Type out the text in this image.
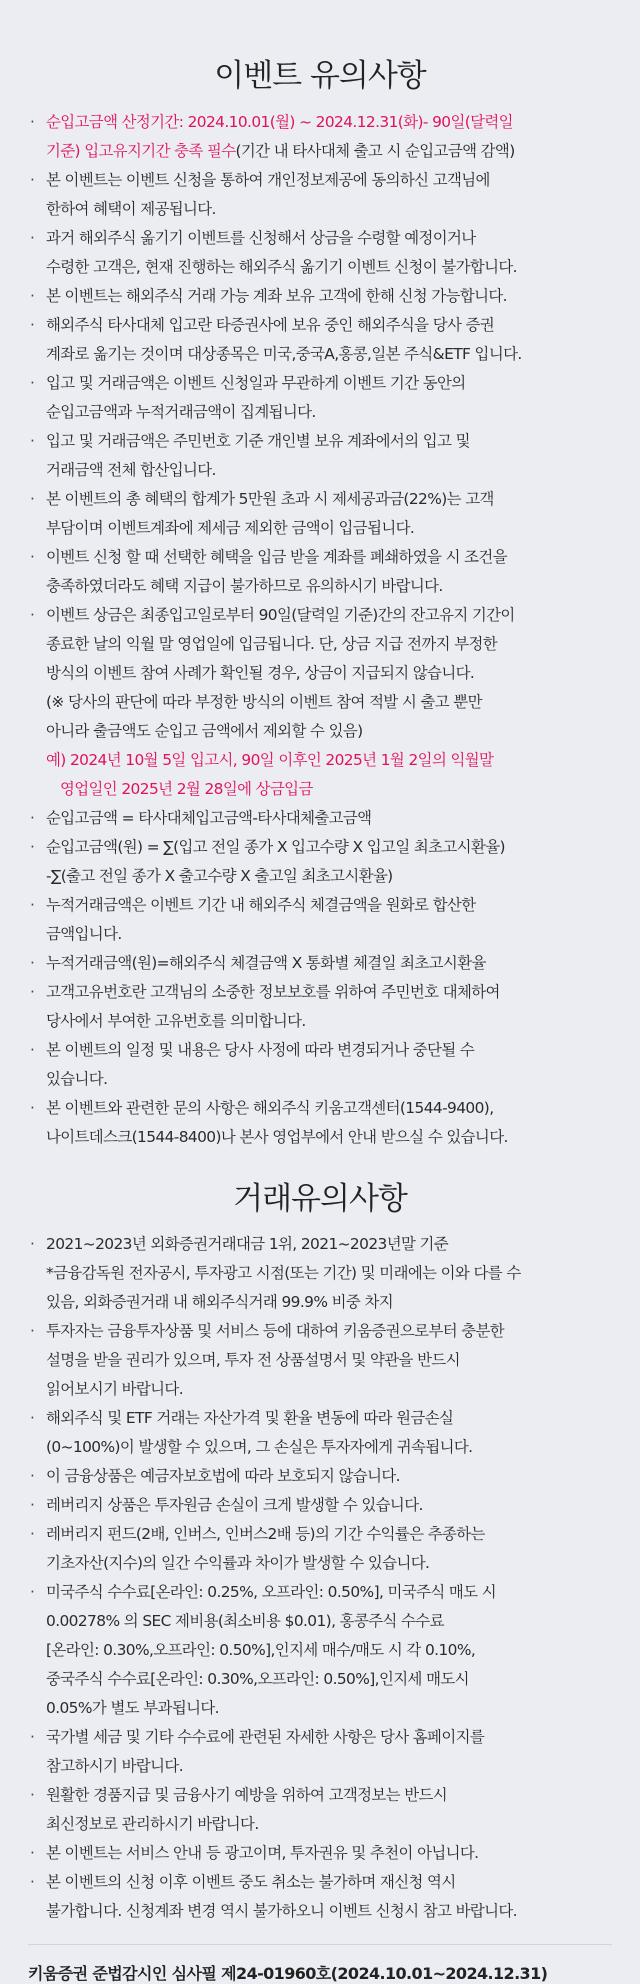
이벤트 유의사항
· 순입고금액 산정기간: 2024.10.01(월) ~ 2024.12.31(화)- 90일(달력일
기준) 입고유지기간 충족 필수(기간 내 타사대체 출고 시 순입고금액 감액)
· 본 이벤트는 이벤트 신청을 통하여 개인정보제공에 동의하신 고객님에
한하여 혜택이 제공됩니다.
· 과거 해외주식 옮기기 이벤트를 신청해서 상금을 수령할 예정이거나
수령한 고객은, 현재 진행하는 해외주식 옮기기 이벤트 신청이 불가합니다.
· 본 이벤트는 해외주식 거래 가능 계좌 보유 고객에 한해 신청 가능합니다.
· 해외주식 타사대체 입고란 타증권사에 보유 중인 해외주식을 당사 증권
계좌로 옮기는 것이며 대상종목은 미국,중국A,홍콩,일본 주식&ETF 입니다.
· 입고 및 거래금액은 이벤트 신청일과 무관하게 이벤트 기간 동안의
순입고금액과 누적거래금액이 집계됩니다.
· 입고 및 거래금액은 주민번호 기준 개인별 보유 계좌에서의 입고 및
거래금액 전체 합산입니다.
· 본 이벤트의 총 혜택의 합계가 5만원 초과 시 제세공과금(22%)는 고객
부담이며 이벤트계좌에 제세금 제외한 금액이 입금됩니다.
· 이벤트 신청 할 때 선택한 혜택을 입금 받을 계좌를 폐쇄하였을 시 조건을
충족하였더라도 혜택 지급이 불가하므로 유의하시기 바랍니다.
· 이벤트 상금은 최종입고일로부터 90일(달력일 기준)간의 잔고유지 기간이
종료한 날의 익월 말 영업일에 입금됩니다. 단, 상금 지급 전까지 부정한
방식의 이벤트 참여 사례가 확인될 경우, 상금이 지급되지 않습니다.
(※ 당사의 판단에 따라 부정한 방식의 이벤트 참여 적발 시 출고 뿐만
아니라 출금액도 순입고 금액에서 제외할 수 있음)
예) 2024년 10월 5일 입고시, 90일 이후인 2025년 1월 2일의 익월말
영업일인 2025년 2월 28일에 상금입금
· 순입고금액 = 타사대체입고금액-타사대체출고금액
· 순입고금액(원) = ∑(입고 전일 종가 X 입고수량 X 입고일 최초고시환율)
-∑(출고 전일 종가 X 출고수량 X 출고일 최초고시환율)
· 누적거래금액은 이벤트 기간 내 해외주식 체결금액을 원화로 합산한
금액입니다.
· 누적거래금액(원)=해외주식 체결금액 X 통화별 체결일 최초고시환율
· 고객고유번호란 고객님의 소중한 정보보호를 위하여 주민번호 대체하여
당사에서 부여한 고유번호를 의미합니다.
· 본 이벤트의 일정 및 내용은 당사 사정에 따라 변경되거나 중단될 수
있습니다.
· 본 이벤트와 관련한 문의 사항은 해외주식 키움고객센터(1544-9400),
나이트데스크(1544-8400)나 본사 영업부에서 안내 받으실 수 있습니다.
거래유의사항
· 2021~2023년 외화증권거래대금 1위, 2021~2023년말 기준
*금융감독원 전자공시, 투자광고 시점(또는 기간) 및 미래에는 이와 다를 수
있음, 외화증권거래 내 해외주식거래 99.9% 비중 차지
· 투자자는 금융투자상품 및 서비스 등에 대하여 키움증권으로부터 충분한
설명을 받을 권리가 있으며, 투자 전 상품설명서 및 약관을 반드시
읽어보시기 바랍니다.
· 해외주식 및 ETF 거래는 자산가격 및 환율 변동에 따라 원금손실
(0~100%)이 발생할 수 있으며, 그 손실은 투자자에게 귀속됩니다.
· 이 금융상품은 예금자보호법에 따라 보호되지 않습니다.
· 레버리지 상품은 투자원금 손실이 크게 발생할 수 있습니다.
· 레버리지 펀드(2배, 인버스, 인버스2배 등)의 기간 수익률은 추종하는
기초자산(지수)의 일간 수익률과 차이가 발생할 수 있습니다.
· 미국주식 수수료[온라인: 0.25%, 오프라인: 0.50%], 미국주식 매도 시
0.00278% 의 SEC 제비용(최소비용 $0.01), 홍콩주식 수수료
[온라인: 0.30%,오프라인: 0.50%],인지세 매수/매도 시 각 0.10%,
중국주식 수수료[온라인: 0.30%,오프라인: 0.50%],인지세 매도시
0.05%가 별도 부과됩니다.
· 국가별 세금 및 기타 수수료에 관련된 자세한 사항은 당사 홈페이지를
참고하시기 바랍니다.
· 원활한 경품지급 및 금융사기 예방을 위하여 고객정보는 반드시
최신정보로 관리하시기 바랍니다.
· 본 이벤트는 서비스 안내 등 광고이며, 투자권유 및 추천이 아닙니다.
· 본 이벤트의 신청 이후 이벤트 중도 취소는 불가하며 재신청 역시
불가합니다. 신청계좌 변경 역시 불가하오니 이벤트 신청시 참고 바랍니다.
키움증권 준법감시인 심사필 제24-01960호(2024.10.01~2024.12.31)
